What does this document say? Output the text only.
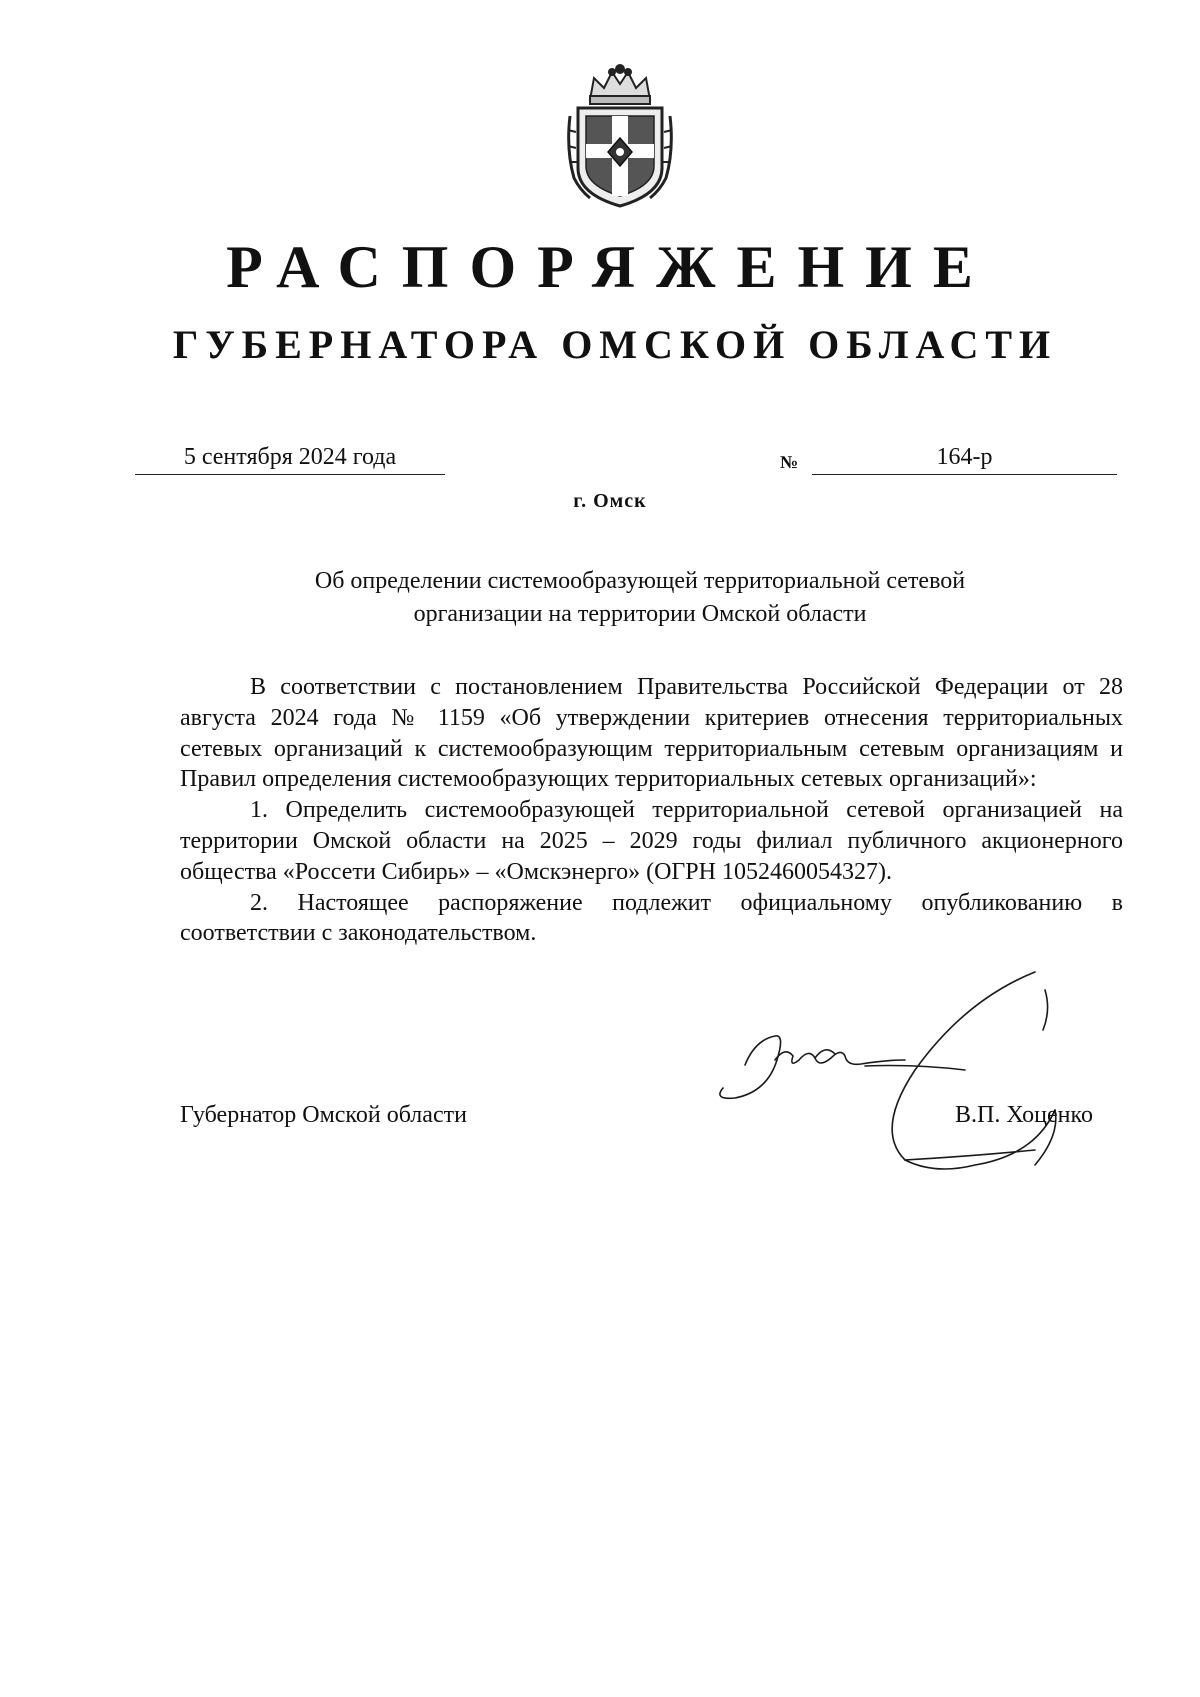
РАСПОРЯЖЕНИЕ
ГУБЕРНАТОРА ОМСКОЙ ОБЛАСТИ
5 сентября 2024 года	№	164-р
г. Омск
Об определении системообразующей территориальной сетевой
организации на территории Омской области

В соответствии с постановлением Правительства Российской Федерации от 28 августа 2024 года № 1159 «Об утверждении критериев отнесения территориальных сетевых организаций к системообразующим территориальным сетевым организациям и Правил определения системообразующих территориальных сетевых организаций»:

1. Определить системообразующей территориальной сетевой организацией на территории Омской области на 2025 – 2029 годы филиал публичного акционерного общества «Россети Сибирь» – «Омскэнерго» (ОГРН 1052460054327).

2. Настоящее распоряжение подлежит официальному опубликованию в соответствии с законодательством.

Губернатор Омской области	В.П. Хоценко
